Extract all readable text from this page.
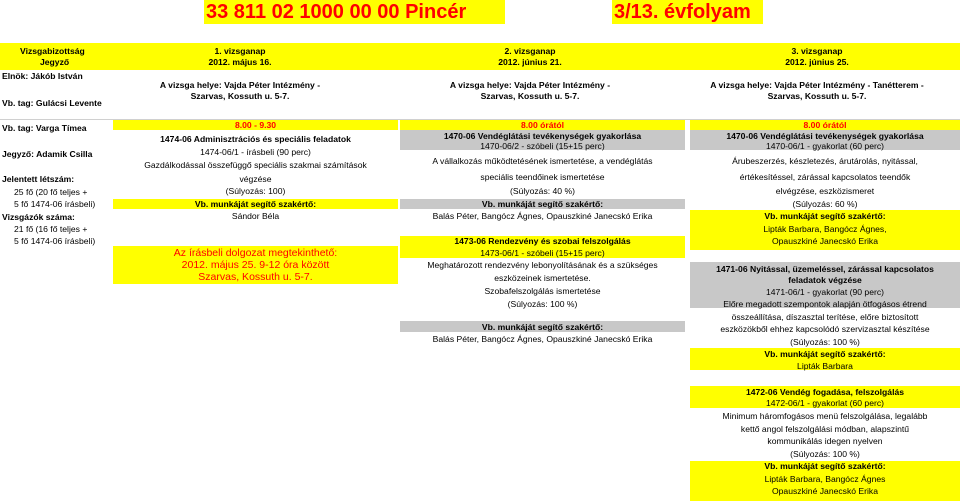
33 811 02 1000 00 00 Pincér	3/13. évfolyam
Vizsgabizottság
Jegyző
1. vizsganap
2012. május 16.
2. vizsganap
2012. június 21.
3. vizsganap
2012. június 25.
Elnök: Jákób István
Vb. tag: Gulácsi Levente
A vizsga helye: Vajda Péter Intézmény -
Szarvas, Kossuth u. 5-7.
A vizsga helye: Vajda Péter Intézmény -
Szarvas, Kossuth u. 5-7.
A vizsga helye: Vajda Péter Intézmény - Tanétterem -
Szarvas, Kossuth u. 5-7.
Vb. tag: Varga Tímea
Jegyző: Adamik Csilla
Jelentett létszám:
25 fő (20 fő teljes +
5 fő 1474-06 írásbeli)
Vizsgázók száma:
21 fő (16 fő teljes +
5 fő 1474-06 írásbeli)
8.00 - 9.30
1474-06 Adminisztrációs és speciális feladatok
1474-06/1 - írásbeli (90 perc)
Gazdálkodással összefüggő speciális szakmai számítások
végzése
(Súlyozás: 100)
Vb. munkáját segítő szakértő:
Sándor Béla
Az írásbeli dolgozat megtekinthető:
2012. május 25. 9-12 óra között
Szarvas, Kossuth u. 5-7.
8.00 órától
1470-06 Vendéglátási tevékenységek gyakorlása
1470-06/2 - szóbeli (15+15 perc)
A vállalkozás működtetésének ismertetése, a vendéglátás
speciális teendőinek ismertetése
(Súlyozás: 40 %)
Vb. munkáját segítő szakértő:
Balás Péter, Bangócz Ágnes, Opauszkiné Janecskó Erika
1473-06 Rendezvény és szobai felszolgálás
1473-06/1 - szóbeli (15+15 perc)
Meghatározott rendezvény lebonyolításának és a szükséges
eszközeinek ismertetése.
Szobafelszolgálás ismertetése
(Súlyozás: 100 %)
Vb. munkáját segítő szakértő:
Balás Péter, Bangócz Ágnes, Opauszkiné Janecskó Erika
8.00 órától
1470-06 Vendéglátási tevékenységek gyakorlása
1470-06/1 - gyakorlat (60 perc)
Árubeszerzés, készletezés, árutárolás, nyitással,
értékesítéssel, zárással kapcsolatos teendők
elvégzése, eszközismeret
(Súlyozás: 60 %)
Vb. munkáját segítő szakértő:
Lipták Barbara, Bangócz Ágnes,
Opauszkiné Janecskó Erika
1471-06 Nyitással, üzemeléssel, zárással kapcsolatos
feladatok végzése
1471-06/1 - gyakorlat (90 perc)
Előre megadott szempontok alapján ötfogásos étrend
összeállítása, díszasztal terítése, előre biztosított
eszközökből ehhez kapcsolódó szervizasztal készítése
(Súlyozás: 100 %)
Vb. munkáját segítő szakértő:
Lipták Barbara
1472-06 Vendég fogadása, felszolgálás
1472-06/1 - gyakorlat (60 perc)
Minimum háromfogásos menü felszolgálása, legalább
kettő angol felszolgálási módban, alapszintű
kommunikálás idegen nyelven
(Súlyozás: 100 %)
Vb. munkáját segítő szakértő:
Lipták Barbara, Bangócz Ágnes
Opauszkiné Janecskó Erika
